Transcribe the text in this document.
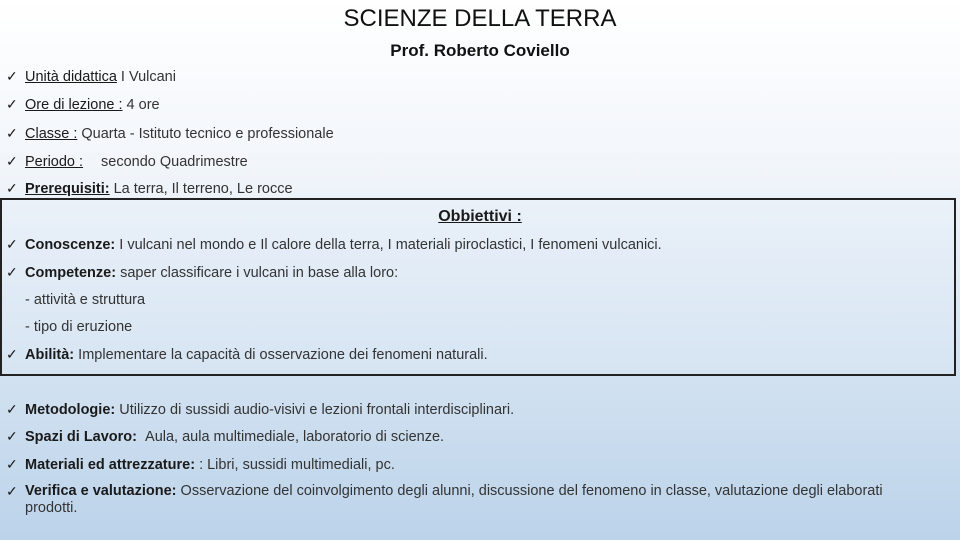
SCIENZE DELLA TERRA
Prof. Roberto Coviello
✓ Unità didattica I Vulcani
✓ Ore di lezione : 4 ore
✓ Classe : Quarta - Istituto tecnico e professionale
✓ Periodo : secondo Quadrimestre
✓ Prerequisiti: La terra, Il terreno, Le rocce
Obbiettivi :
✓ Conoscenze: I vulcani nel mondo e Il calore della terra, I materiali piroclastici, I fenomeni vulcanici.
✓ Competenze: saper classificare i vulcani in base alla loro:
- attività e struttura
- tipo di eruzione
✓ Abilità: Implementare la capacità di osservazione dei fenomeni naturali.
✓ Metodologie: Utilizzo di sussidi audio-visivi e lezioni frontali interdisciplinari.
✓ Spazi di Lavoro: Aula, aula multimediale, laboratorio di scienze.
✓ Materiali ed attrezzature: : Libri, sussidi multimediali, pc.
✓ Verifica e valutazione: Osservazione del coinvolgimento degli alunni, discussione del fenomeno in classe, valutazione degli elaborati prodotti.
